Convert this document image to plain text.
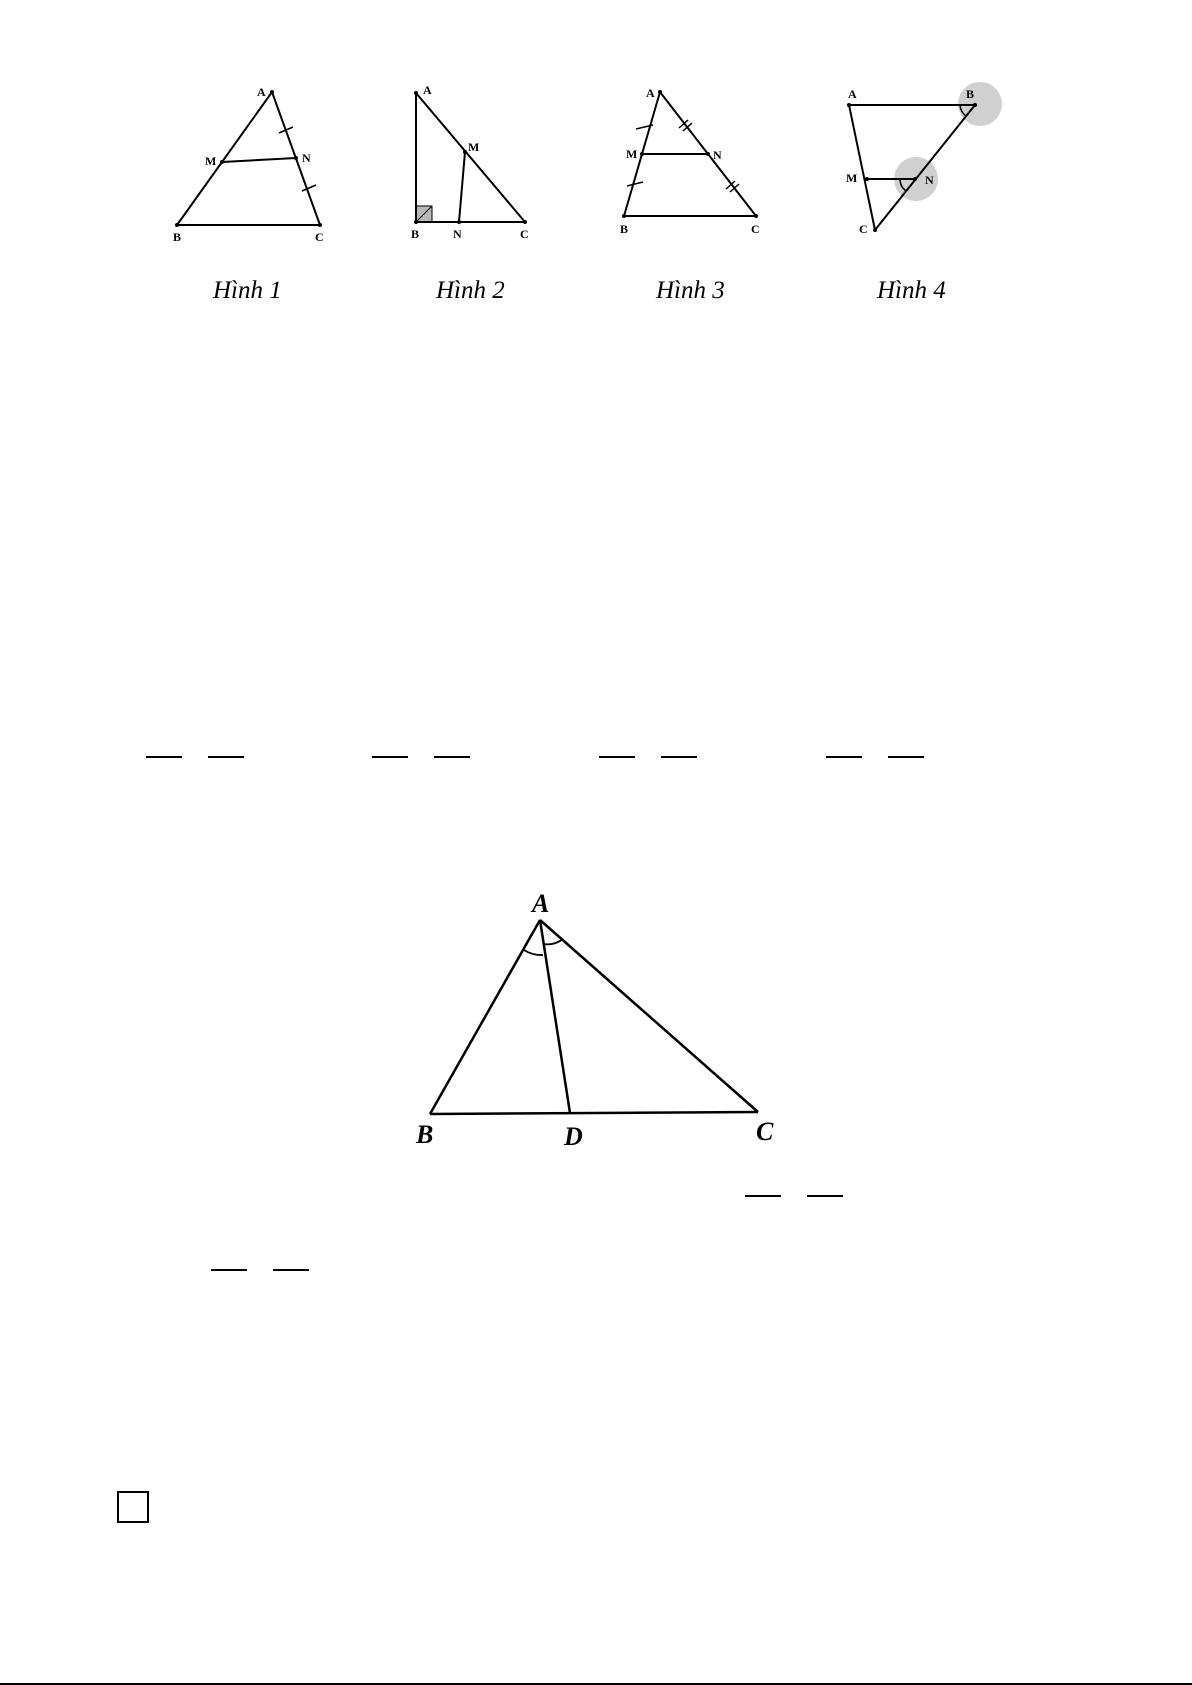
A
M	N
B	C
Hình 1
A
M
B	N	C
Hình 2
A
M	N
B	C
Hình 3
A	B
M	N
C
Hình 4
A
B	D	C
